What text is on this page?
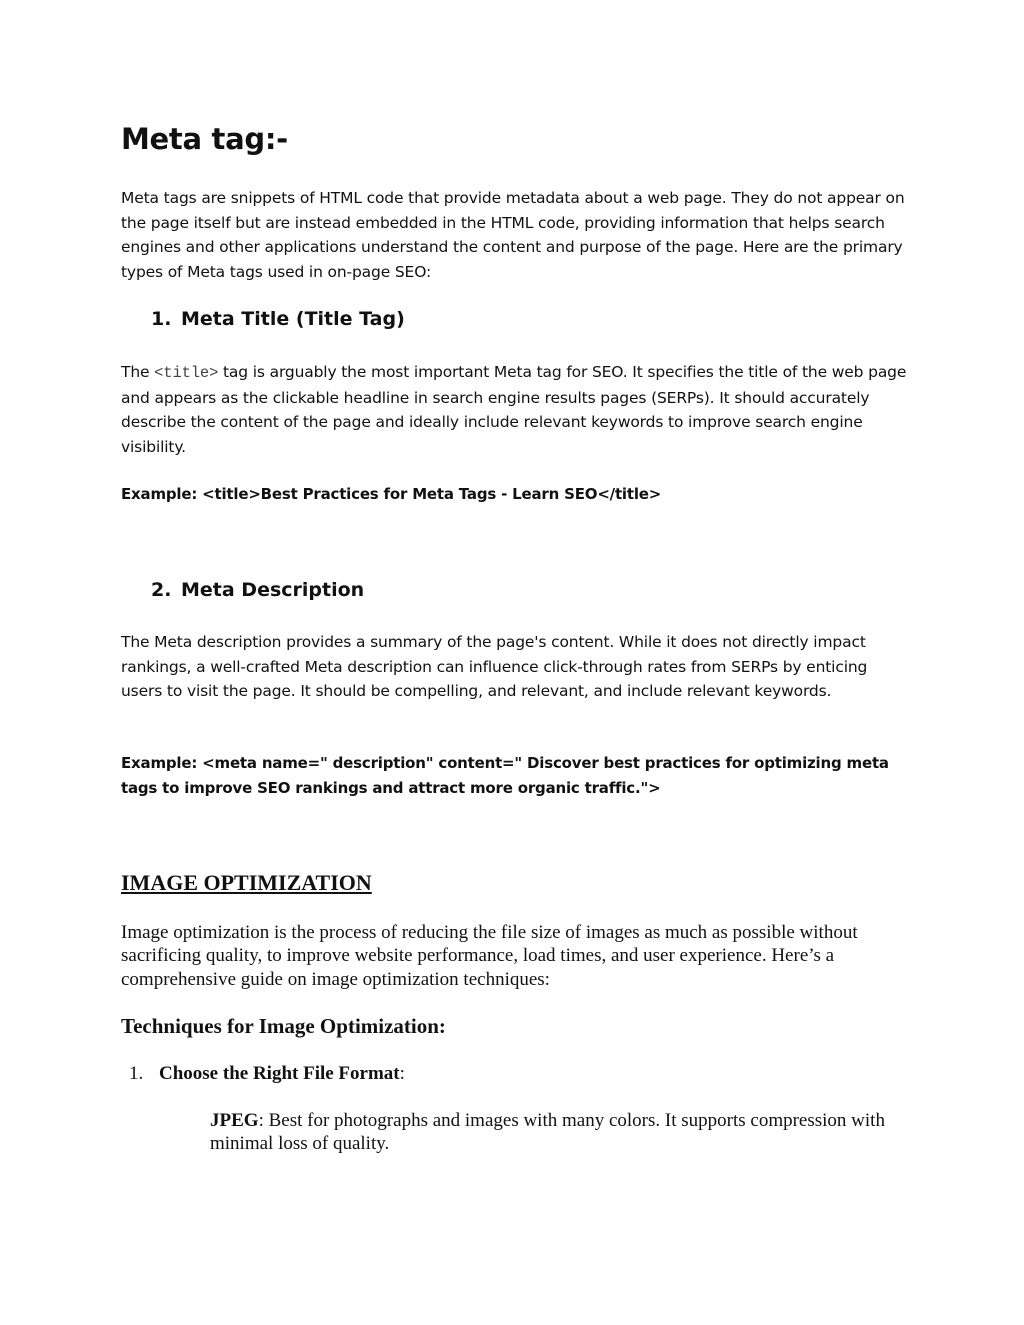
Meta tag:-

Meta tags are snippets of HTML code that provide metadata about a web page. They do not appear on the page itself but are instead embedded in the HTML code, providing information that helps search engines and other applications understand the content and purpose of the page. Here are the primary types of Meta tags used in on-page SEO:

1. Meta Title (Title Tag)

The <title> tag is arguably the most important Meta tag for SEO. It specifies the title of the web page and appears as the clickable headline in search engine results pages (SERPs). It should accurately describe the content of the page and ideally include relevant keywords to improve search engine visibility.

Example: <title>Best Practices for Meta Tags - Learn SEO</title>

2. Meta Description

The Meta description provides a summary of the page's content. While it does not directly impact rankings, a well-crafted Meta description can influence click-through rates from SERPs by enticing users to visit the page. It should be compelling, and relevant, and include relevant keywords.

Example: <meta name=" description" content=" Discover best practices for optimizing meta tags to improve SEO rankings and attract more organic traffic.">

IMAGE OPTIMIZATION

Image optimization is the process of reducing the file size of images as much as possible without sacrificing quality, to improve website performance, load times, and user experience. Here’s a comprehensive guide on image optimization techniques:

Techniques for Image Optimization:

1. Choose the Right File Format:

JPEG: Best for photographs and images with many colors. It supports compression with minimal loss of quality.
